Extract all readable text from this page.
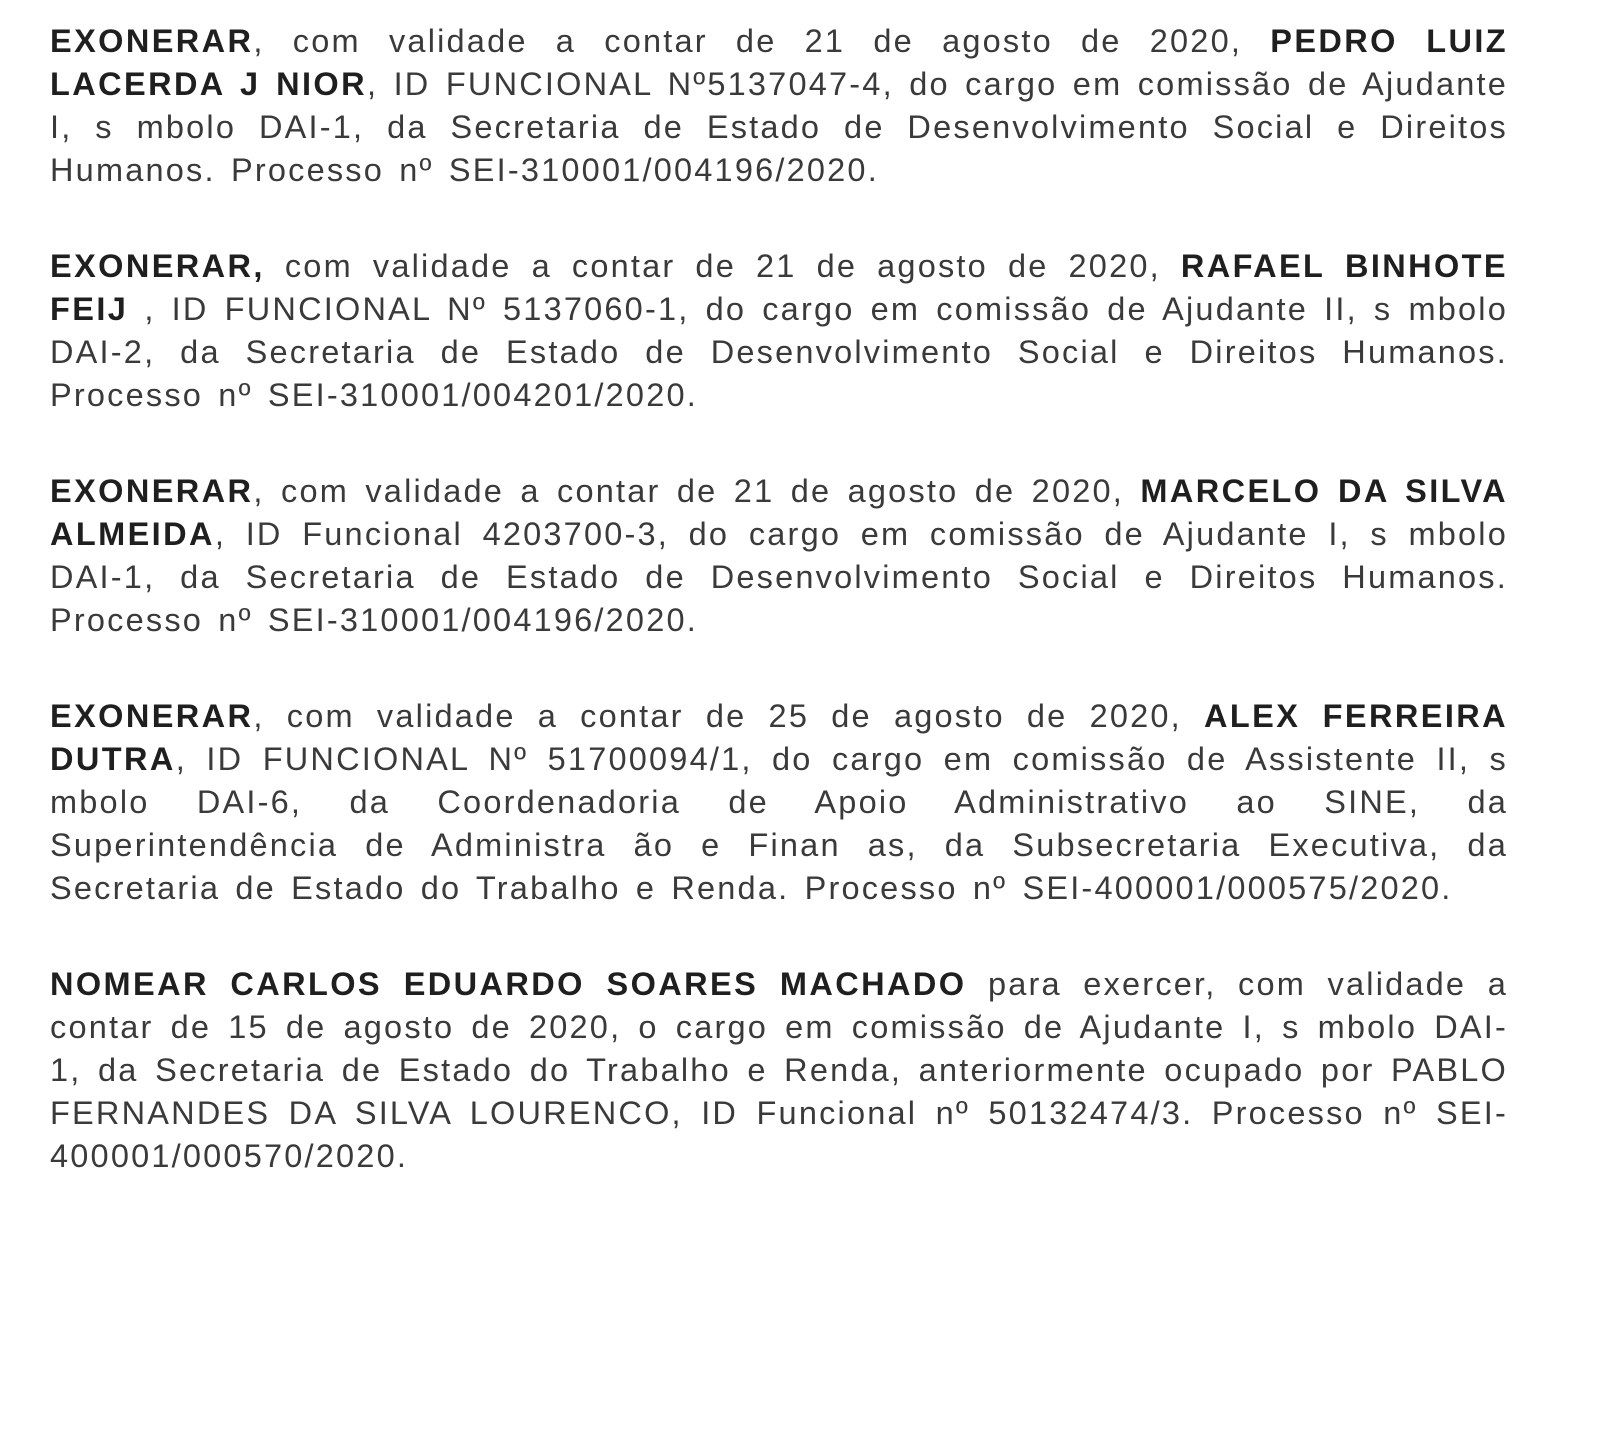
EXONERAR, com validade a contar de 21 de agosto de 2020, PEDRO LUIZ LACERDA J NIOR, ID FUNCIONAL Nº5137047-4, do cargo em comissão de Ajudante I, s mbolo DAI-1, da Secretaria de Estado de Desenvolvimento Social e Direitos Humanos. Processo nº SEI-310001/004196/2020.

EXONERAR, com validade a contar de 21 de agosto de 2020, RAFAEL BINHOTE FEIJ , ID FUNCIONAL Nº 5137060-1, do cargo em comissão de Ajudante II, s mbolo DAI-2, da Secretaria de Estado de Desenvolvimento Social e Direitos Humanos. Processo nº SEI-310001/004201/2020.

EXONERAR, com validade a contar de 21 de agosto de 2020, MARCELO DA SILVA ALMEIDA, ID Funcional 4203700-3, do cargo em comissão de Ajudante I, s mbolo DAI-1, da Secretaria de Estado de Desenvolvimento Social e Direitos Humanos. Processo nº SEI-310001/004196/2020.

EXONERAR, com validade a contar de 25 de agosto de 2020, ALEX FERREIRA DUTRA, ID FUNCIONAL Nº 51700094/1, do cargo em comissão de Assistente II, s mbolo DAI-6, da Coordenadoria de Apoio Administrativo ao SINE, da Superintendência de Administra ão e Finan as, da Subsecretaria Executiva, da Secretaria de Estado do Trabalho e Renda. Processo nº SEI-400001/000575/2020.

NOMEAR CARLOS EDUARDO SOARES MACHADO para exercer, com validade a contar de 15 de agosto de 2020, o cargo em comissão de Ajudante I, s mbolo DAI-1, da Secretaria de Estado do Trabalho e Renda, anteriormente ocupado por PABLO FERNANDES DA SILVA LOURENCO, ID Funcional nº 50132474/3. Processo nº SEI-400001/000570/2020.
